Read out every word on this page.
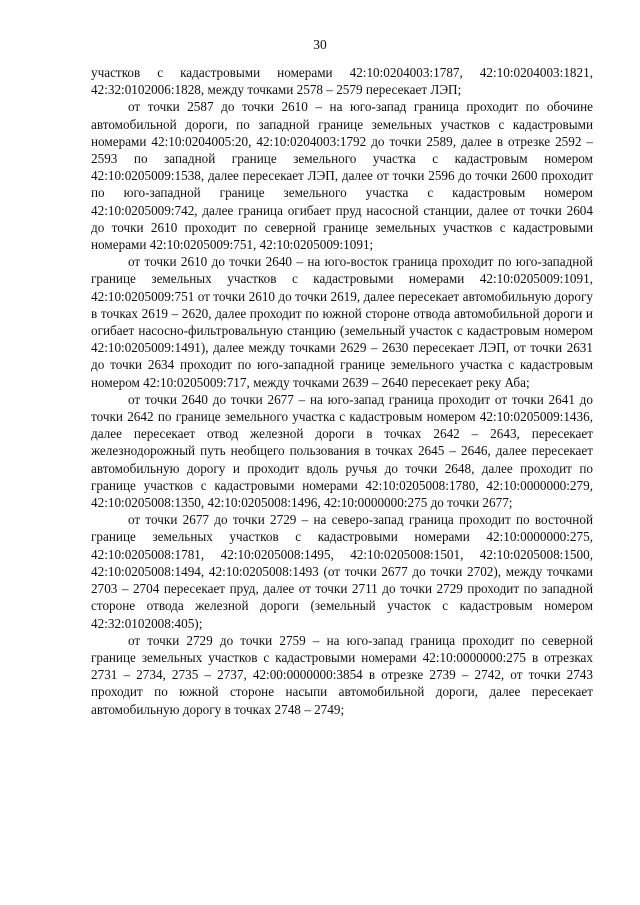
30

участков с кадастровыми номерами 42:10:0204003:1787, 42:10:0204003:1821, 42:32:0102006:1828, между точками 2578 – 2579 пересекает ЛЭП;

от точки 2587 до точки 2610 – на юго-запад граница проходит по обочине автомобильной дороги, по западной границе земельных участков с кадастровыми номерами 42:10:0204005:20, 42:10:0204003:1792 до точки 2589, далее в отрезке 2592 – 2593 по западной границе земельного участка с кадастровым номером 42:10:0205009:1538, далее пересекает ЛЭП, далее от точки 2596 до точки 2600 проходит по юго-западной границе земельного участка с кадастровым номером 42:10:0205009:742, далее граница огибает пруд насосной станции, далее от точки 2604 до точки 2610 проходит по северной границе земельных участков с кадастровыми номерами 42:10:0205009:751, 42:10:0205009:1091;

от точки 2610 до точки 2640 – на юго-восток граница проходит по юго-западной границе земельных участков с кадастровыми номерами 42:10:0205009:1091, 42:10:0205009:751 от точки 2610 до точки 2619, далее пересекает автомобильную дорогу в точках 2619 – 2620, далее проходит по южной стороне отвода автомобильной дороги и огибает насосно-фильтровальную станцию (земельный участок с кадастровым номером 42:10:0205009:1491), далее между точками 2629 – 2630 пересекает ЛЭП, от точки 2631 до точки 2634 проходит по юго-западной границе земельного участка с кадастровым номером 42:10:0205009:717, между точками 2639 – 2640 пересекает реку Аба;

от точки 2640 до точки 2677 – на юго-запад граница проходит от точки 2641 до точки 2642 по границе земельного участка с кадастровым номером 42:10:0205009:1436, далее пересекает отвод железной дороги в точках 2642 – 2643, пересекает железнодорожный путь необщего пользования в точках 2645 – 2646, далее пересекает автомобильную дорогу и проходит вдоль ручья до точки 2648, далее проходит по границе участков с кадастровыми номерами 42:10:0205008:1780, 42:10:0000000:279, 42:10:0205008:1350, 42:10:0205008:1496, 42:10:0000000:275 до точки 2677;

от точки 2677 до точки 2729 – на северо-запад граница проходит по восточной границе земельных участков с кадастровыми номерами 42:10:0000000:275, 42:10:0205008:1781, 42:10:0205008:1495, 42:10:0205008:1501, 42:10:0205008:1500, 42:10:0205008:1494, 42:10:0205008:1493 (от точки 2677 до точки 2702), между точками 2703 – 2704 пересекает пруд, далее от точки 2711 до точки 2729 проходит по западной стороне отвода железной дороги (земельный участок с кадастровым номером 42:32:0102008:405);

от точки 2729 до точки 2759 – на юго-запад граница проходит по северной границе земельных участков с кадастровыми номерами 42:10:0000000:275 в отрезках 2731 – 2734, 2735 – 2737, 42:00:0000000:3854 в отрезке 2739 – 2742, от точки 2743 проходит по южной стороне насыпи автомобильной дороги, далее пересекает автомобильную дорогу в точках 2748 – 2749;
